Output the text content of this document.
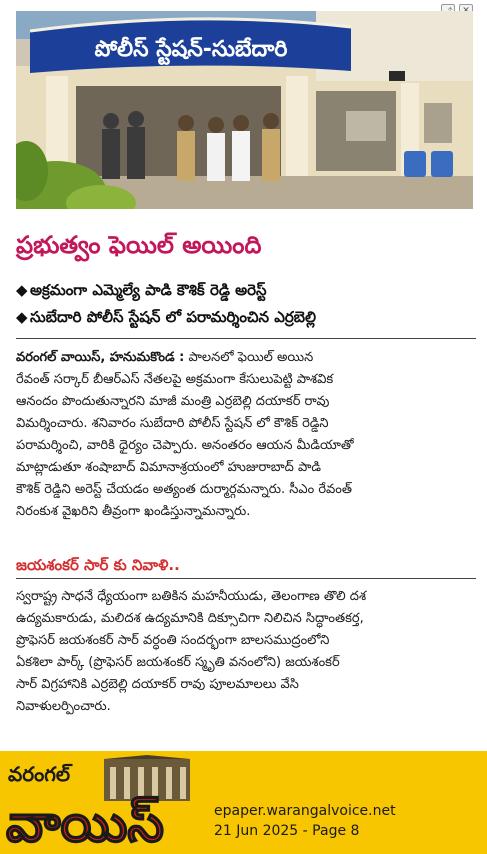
పోలీస్ స్టేషన్-సుబేదారి
ప్రభుత్వం ఫెయిల్ అయింది
◆ అక్రమంగా ఎమ్మెల్యే పాడి కౌశిక్ రెడ్డి అరెస్ట్
◆ సుబేదారి పోలీస్ స్టేషన్ లో పరామర్శించిన ఎర్రబెల్లి
వరంగల్ వాయిస్, హనుమకొండ : పాలనలో ఫెయిల్ అయిన
రేవంత్ సర్కార్ బీఆర్ఎస్ నేతలపై అక్రమంగా కేసులుపెట్టి పాశవిక
ఆనందం పొందుతున్నారని మాజీ మంత్రి ఎర్రబెల్లి దయాకర్ రావు
విమర్శించారు. శనివారం సుబేదారి పోలీస్ స్టేషన్ లో కౌశిక్ రెడ్డిని
పరామర్శించి, వారికి ధైర్యం చెప్పారు. అనంతరం ఆయన మీడియాతో
మాట్లాడుతూ శంషాబాద్ విమానాశ్రయంలో హుజురాబాద్ పాడి
కౌశిక్ రెడ్డిని అరెస్ట్ చేయడం అత్యంత దుర్మార్గమన్నారు. సీఎం రేవంత్
నిరంకుశ వైఖరిని తీవ్రంగా ఖండిస్తున్నామన్నారు.
జయశంకర్ సార్ కు నివాళి..
స్వరాష్ట్ర సాధనే ధ్యేయంగా బతికిన మహనీయుడు, తెలంగాణ తొలి దశ
ఉద్యమకారుడు, మలిదశ ఉద్యమానికి దిక్సూచిగా నిలిచిన సిద్ధాంతకర్త,
ప్రొఫెసర్ జయశంకర్ సార్ వర్ధంతి సందర్భంగా బాలసముద్రంలోని
ఏకశిలా పార్క్ (ప్రొఫెసర్ జయశంకర్ స్మృతి వనంలోని) జయశంకర్
సార్ విగ్రహానికి ఎర్రబెల్లి దయాకర్ రావు పూలమాలలు వేసి
నివాళులర్పించారు.
వరంగల్
వాయిస్	epaper.warangalvoice.net
21 Jun 2025 - Page 8
